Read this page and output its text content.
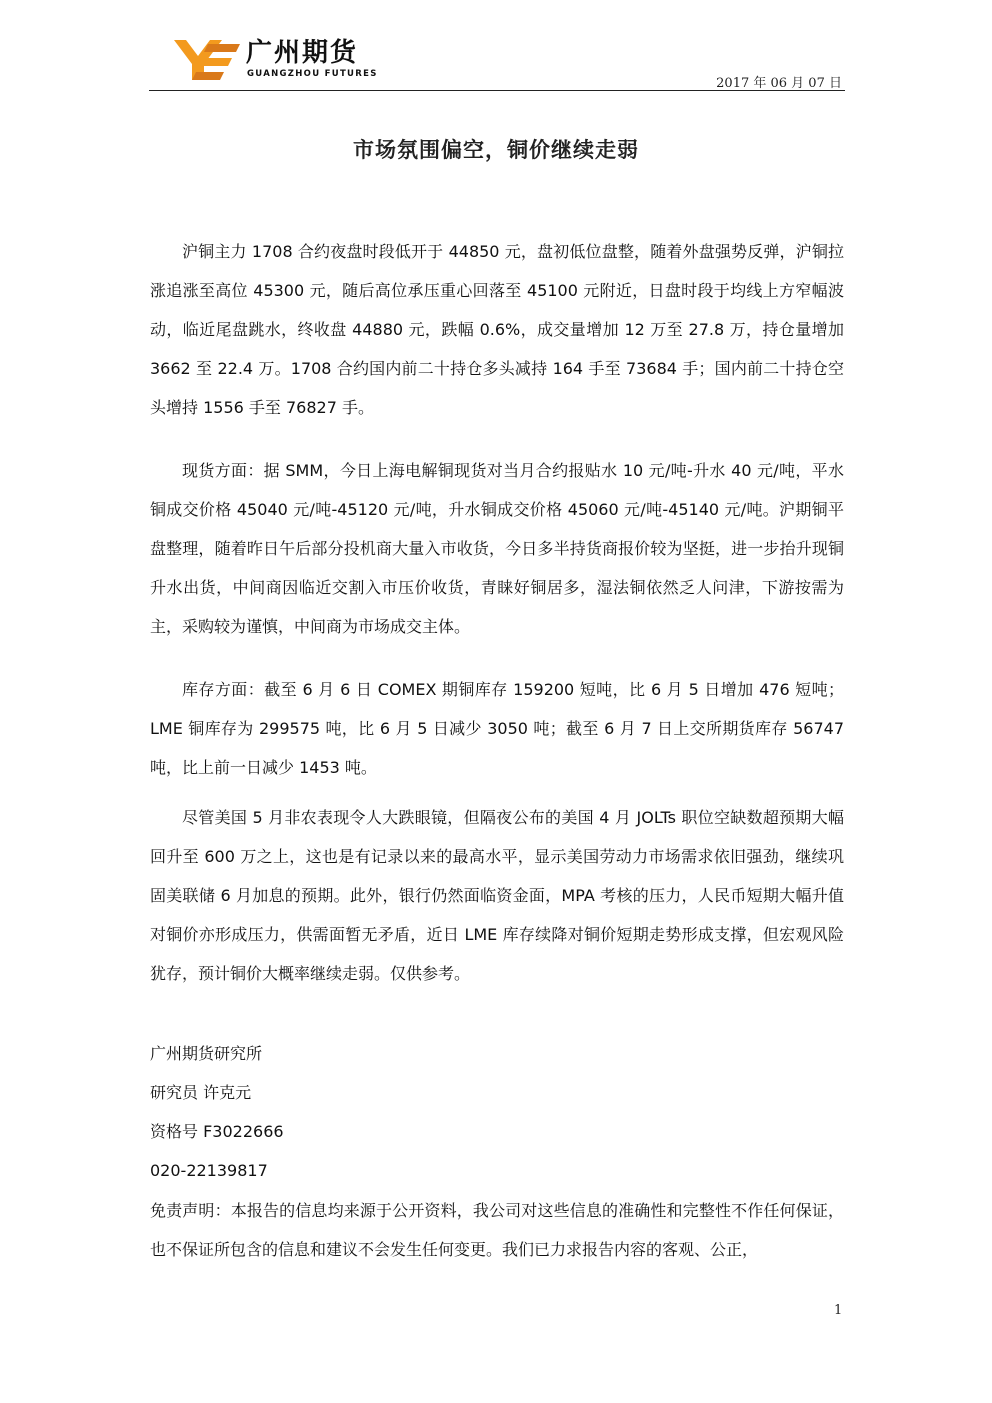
广州期货
GUANGZHOU FUTURES
2017 年 06 月 07 日
市场氛围偏空，铜价继续走弱

沪铜主力 1708 合约夜盘时段低开于 44850 元，盘初低位盘整，随着外盘强势反弹，沪铜拉涨追涨至高位 45300 元，随后高位承压重心回落至 45100 元附近，日盘时段于均线上方窄幅波动，临近尾盘跳水，终收盘 44880 元，跌幅 0.6%，成交量增加 12 万至 27.8 万，持仓量增加 3662 至 22.4 万。1708 合约国内前二十持仓多头减持 164 手至 73684 手；国内前二十持仓空头增持 1556 手至 76827 手。

现货方面：据 SMM，今日上海电解铜现货对当月合约报贴水 10 元/吨-升水 40 元/吨，平水铜成交价格 45040 元/吨-45120 元/吨，升水铜成交价格 45060 元/吨-45140 元/吨。沪期铜平盘整理，随着昨日午后部分投机商大量入市收货，今日多半持货商报价较为坚挺，进一步抬升现铜升水出货，中间商因临近交割入市压价收货，青睐好铜居多，湿法铜依然乏人问津，下游按需为主，采购较为谨慎，中间商为市场成交主体。

库存方面：截至 6 月 6 日 COMEX 期铜库存 159200 短吨，比 6 月 5 日增加 476 短吨；LME 铜库存为 299575 吨，比 6 月 5 日减少 3050 吨；截至 6 月 7 日上交所期货库存 56747 吨，比上前一日减少 1453 吨。

尽管美国 5 月非农表现令人大跌眼镜，但隔夜公布的美国 4 月 JOLTs 职位空缺数超预期大幅回升至 600 万之上，这也是有记录以来的最高水平，显示美国劳动力市场需求依旧强劲，继续巩固美联储 6 月加息的预期。此外，银行仍然面临资金面，MPA 考核的压力，人民币短期大幅升值对铜价亦形成压力，供需面暂无矛盾，近日 LME 库存续降对铜价短期走势形成支撑，但宏观风险犹存，预计铜价大概率继续走弱。仅供参考。

广州期货研究所
研究员 许克元
资格号 F3022666
020-22139817

免责声明：本报告的信息均来源于公开资料，我公司对这些信息的准确性和完整性不作任何保证，也不保证所包含的信息和建议不会发生任何变更。我们已力求报告内容的客观、公正，

1
